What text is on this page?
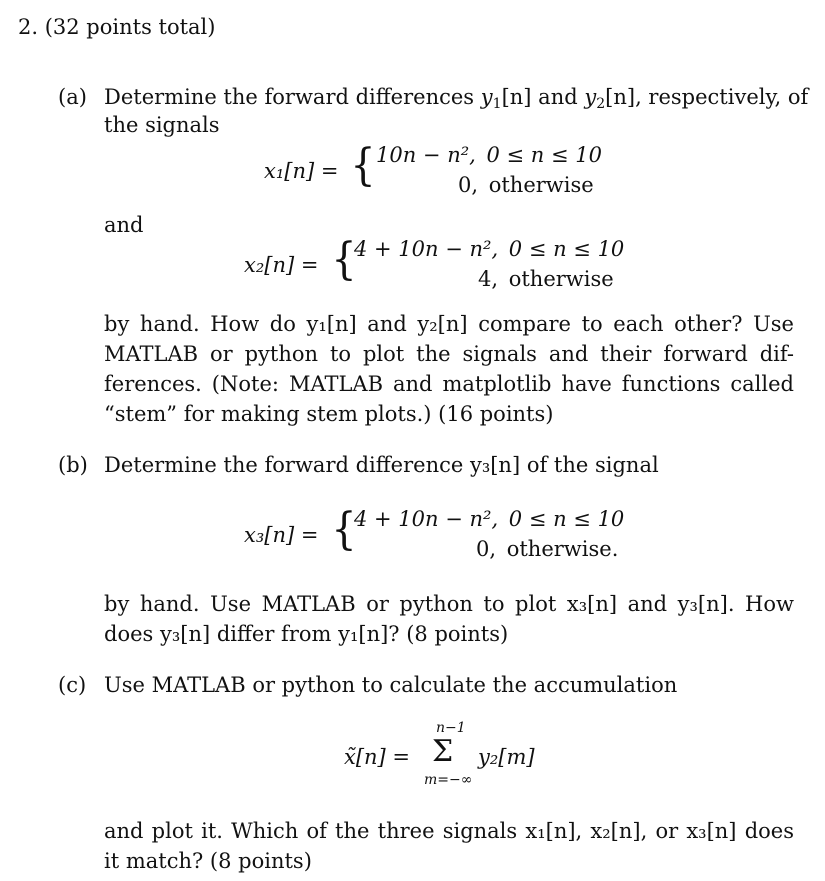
2. (32 points total)
(a) Determine the forward differences $y_1[n]$ and $y_2[n]$, respectively, of
the signals
x₁[n] = { 10n − n², 0 ≤ n ≤ 10
0, otherwise
and
x₂[n] = {
4 + 10n − n², 0 ≤ n ≤ 10
4, otherwise
by hand. How do y₁[n] and y₂[n] compare to each other? Use
MATLAB or python to plot the signals and their forward dif-
ferences. (Note: MATLAB and matplotlib have functions called
“stem” for making stem plots.) (16 points)
(b) Determine the forward difference y₃[n] of the signal
x₃[n] = {
4 + 10n − n², 0 ≤ n ≤ 10
0, otherwise.
by hand. Use MATLAB or python to plot x₃[n] and y₃[n]. How
does y₃[n] differ from y₁[n]? (8 points)
(c) Use MATLAB or python to calculate the accumulation
x̃[n] =
n−1
Σ
m=−∞
y₂[m]
and plot it. Which of the three signals x₁[n], x₂[n], or x₃[n] does
it match? (8 points)
